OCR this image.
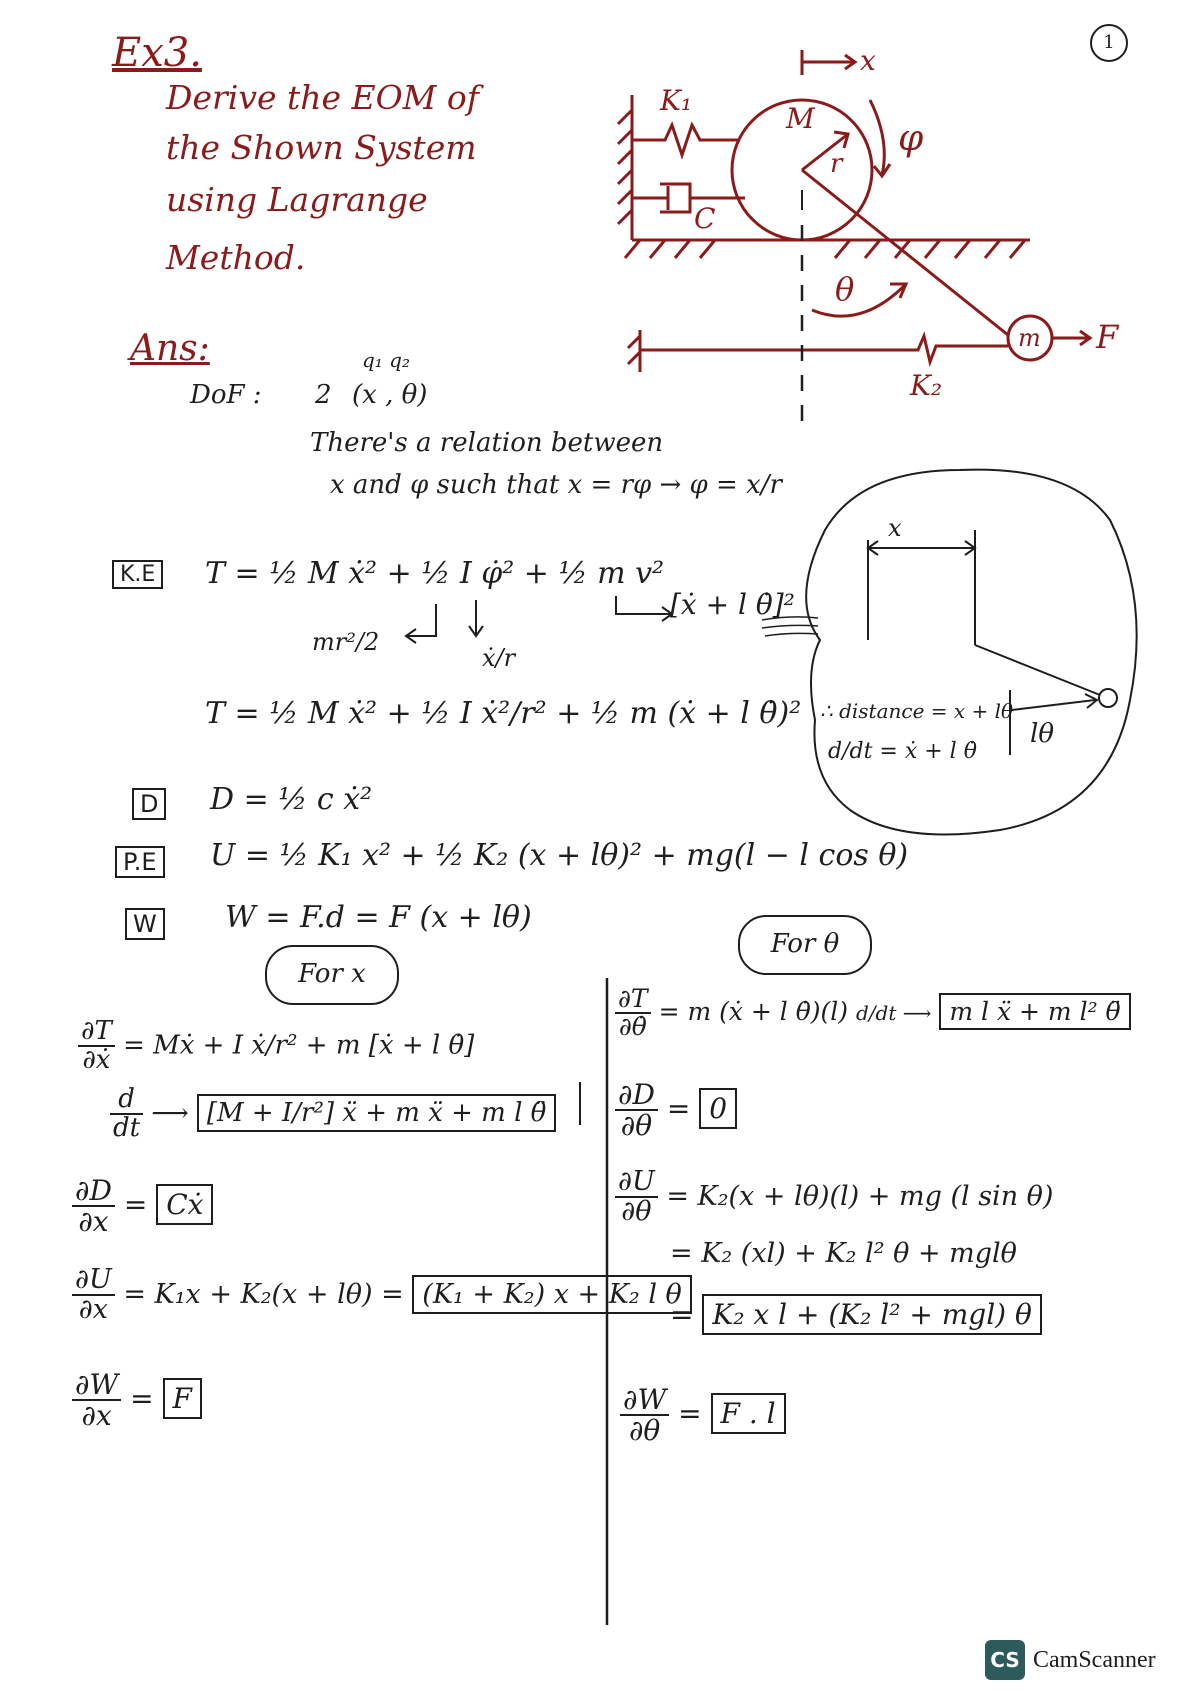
Ex3.
Derive the EOM of
the Shown System
using Lagrange
Method.
1
K₁
C
M
r
x
φ
θ
m F
K₂
Ans:	q₁ q₂
DoF : 2 (x , θ)
There's a relation between
x and φ such that x = rφ → φ = x/r
K.E T = ½ M ẋ² + ½ I φ̇² + ½ m v²
[ẋ + l θ̇]²
mr²/2
ẋ/r
T = ½ M ẋ² + ½ I ẋ²/r² + ½ m (ẋ + l θ̇)²
D D = ½ c ẋ²
P.E U = ½ K₁ x² + ½ K₂ (x + lθ)² + mg(l − l cos θ)
W W = F.d = F (x + lθ)
x
lθ
∴ distance = x + lθ
d/dt = ẋ + l θ̇
For x
$\frac{\partial T}{\text{∂ẋ}}$ = Mẋ + I ẋ/r² + m [ẋ + l θ̇]
$\frac{d}{dt}$ ⟶ [M + I/r²] ẍ + m ẍ + m l θ̈
$\frac{\partial D}{\partial x}$ = Cẋ
$\frac{\partial U}{\partial x} = K_1x + K_2(x + l\theta) = (K_1 + K_2) x + K_2$ l θ
$\frac{\partial W}{\partial x} = F$
For θ
$\frac{\partial T}{\partial\thetȧ} = m$ (ẋ + l θ̇)(l) d/dt ⟶ m l ẍ + m l² θ̈
$\frac{\partial D}{\partial\theta} = 0$
$\frac{\partial U}{\partial\theta} = K_2(x + l\theta)(l)$ + mg (l sin θ)
= K₂ (xl) + K₂ l² θ + mglθ
= K₂ x l + (K₂ l² + mgl) θ
$\frac{\partial W}{\partial\theta} = F$ . l
CS CamScanner
